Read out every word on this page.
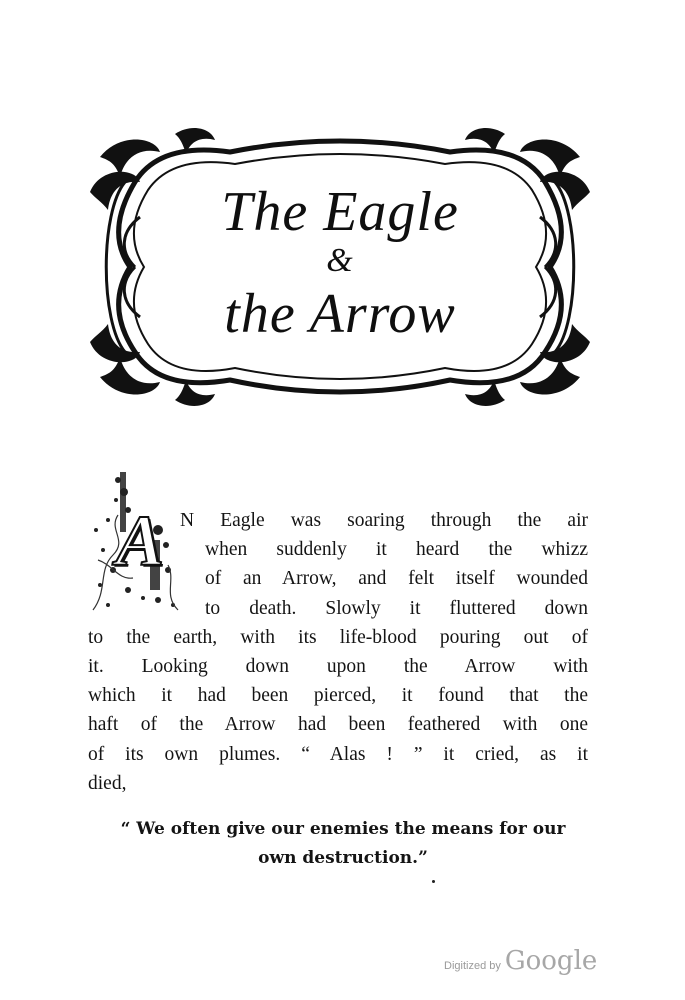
The Eagle
&
the Arrow
A N Eagle was soaring through the air
when suddenly it heard the whizz
of an Arrow, and felt itself wounded
to death. Slowly it fluttered down
to the earth, with its life-blood pouring out of
it. Looking down upon the Arrow with
which it had been pierced, it found that the
haft of the Arrow had been feathered with one
of its own plumes. “ Alas ! ” it cried, as it
died,
“ We often give our enemies the means for our
own destruction.”
Digitized by Google
